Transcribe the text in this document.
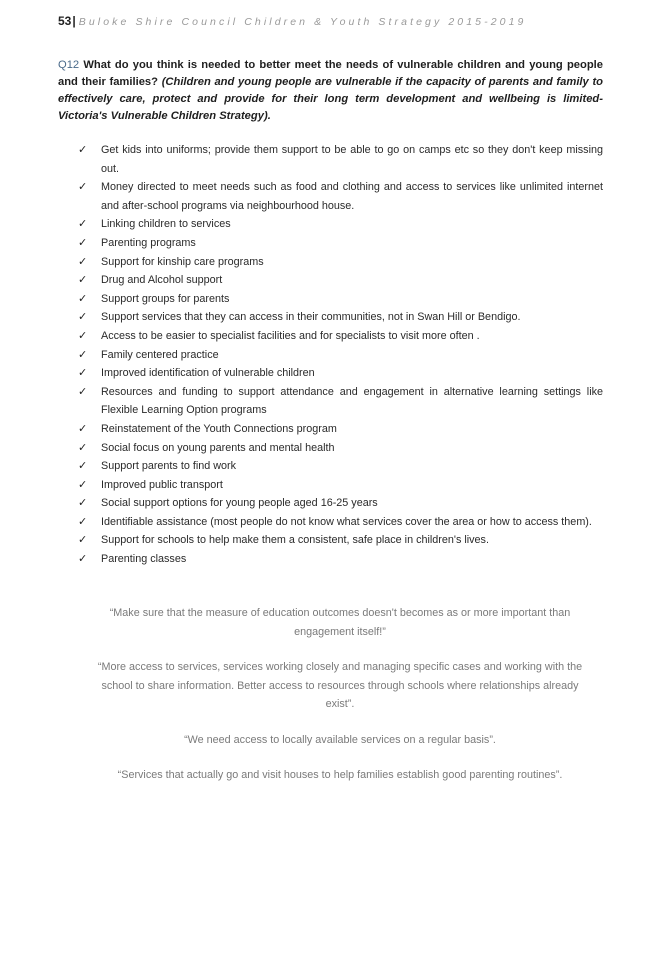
53| Buloke Shire Council Children & Youth Strategy 2015-2019
Q12 What do you think is needed to better meet the needs of vulnerable children and young people and their families? (Children and young people are vulnerable if the capacity of parents and family to effectively care, protect and provide for their long term development and wellbeing is limited- Victoria's Vulnerable Children Strategy).
✓ Get kids into uniforms; provide them support to be able to go on camps etc so they don't keep missing out.
✓ Money directed to meet needs such as food and clothing and access to services like unlimited internet and after-school programs via neighbourhood house.
✓ Linking children to services
✓ Parenting programs
✓ Support for kinship care programs
✓ Drug and Alcohol support
✓ Support groups for parents
✓ Support services that they can access in their communities, not in Swan Hill or Bendigo.
✓ Access to be easier to specialist facilities and for specialists to visit more often .
✓ Family centered practice
✓ Improved identification of vulnerable children
✓ Resources and funding to support attendance and engagement in alternative learning settings like Flexible Learning Option programs
✓ Reinstatement of the Youth Connections program
✓ Social focus on young parents and mental health
✓ Support parents to find work
✓ Improved public transport
✓ Social support options for young people aged 16-25 years
✓ Identifiable assistance (most people do not know what services cover the area or how to access them).
✓ Support for schools to help make them a consistent, safe place in children's lives.
✓ Parenting classes

“Make sure that the measure of education outcomes doesn't becomes as or more important than engagement itself!”

“More access to services, services working closely and managing specific cases and working with the school to share information. Better access to resources through schools where relationships already exist”.

“We need access to locally available services on a regular basis”.

“Services that actually go and visit houses to help families establish good parenting routines”.
